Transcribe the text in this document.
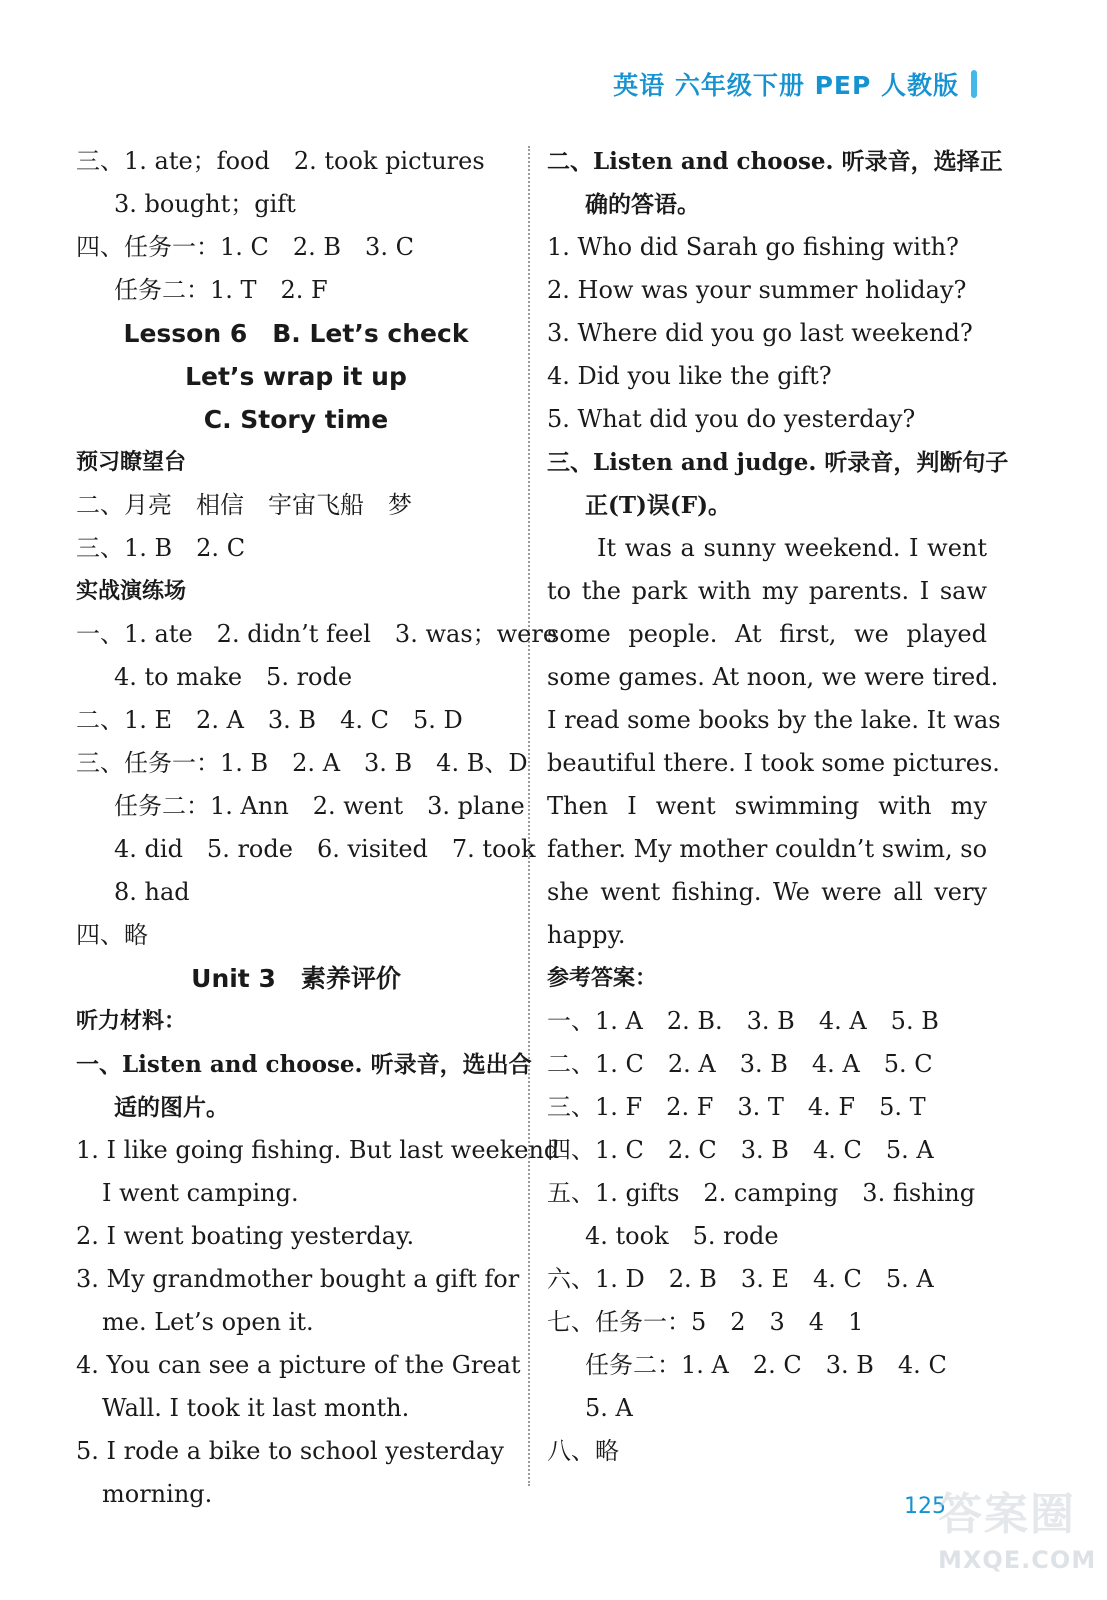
英语 六年级下册 PEP 人教版
三、1. ate；food　2. took pictures
3. bought；gift
四、任务一：1. C　2. B　3. C
任务二：1. T　2. F
Lesson 6　B. Let’s check
Let’s wrap it up
C. Story time
预习瞭望台
二、月亮　相信　宇宙飞船　梦
三、1. B　2. C
实战演练场
一、1. ate　2. didn’t feel　3. was；were
4. to make　5. rode
二、1. E　2. A　3. B　4. C　5. D
三、任务一：1. B　2. A　3. B　4. B、D
任务二：1. Ann　2. went　3. plane
4. did　5. rode　6. visited　7. took
8. had
四、略
Unit 3　素养评价
听力材料：
一、Listen and choose. 听录音，选出合
适的图片。
1. I like going fishing. But last weekend
I went camping.
2. I went boating yesterday.
3. My grandmother bought a gift for
me. Let’s open it.
4. You can see a picture of the Great
Wall. I took it last month.
5. I rode a bike to school yesterday
morning.
二、Listen and choose. 听录音，选择正
确的答语。
1. Who did Sarah go fishing with?
2. How was your summer holiday?
3. Where did you go last weekend?
4. Did you like the gift?
5. What did you do yesterday?
三、Listen and judge. 听录音，判断句子
正(T)误(F)。
It was a sunny weekend. I went
to the park with my parents. I saw
some people. At first, we played
some games. At noon, we were tired.
I read some books by the lake. It was
beautiful there. I took some pictures.
Then I went swimming with my
father. My mother couldn’t swim, so
she went fishing. We were all very
happy.
参考答案：
一、1. A　2. B.　3. B　4. A　5. B
二、1. C　2. A　3. B　4. A　5. C
三、1. F　2. F　3. T　4. F　5. T
四、1. C　2. C　3. B　4. C　5. A
五、1. gifts　2. camping　3. fishing
4. took　5. rode
六、1. D　2. B　3. E　4. C　5. A
七、任务一：5　2　3　4　1
任务二：1. A　2. C　3. B　4. C
5. A
八、略
125
答案圈
MXQE.COM
